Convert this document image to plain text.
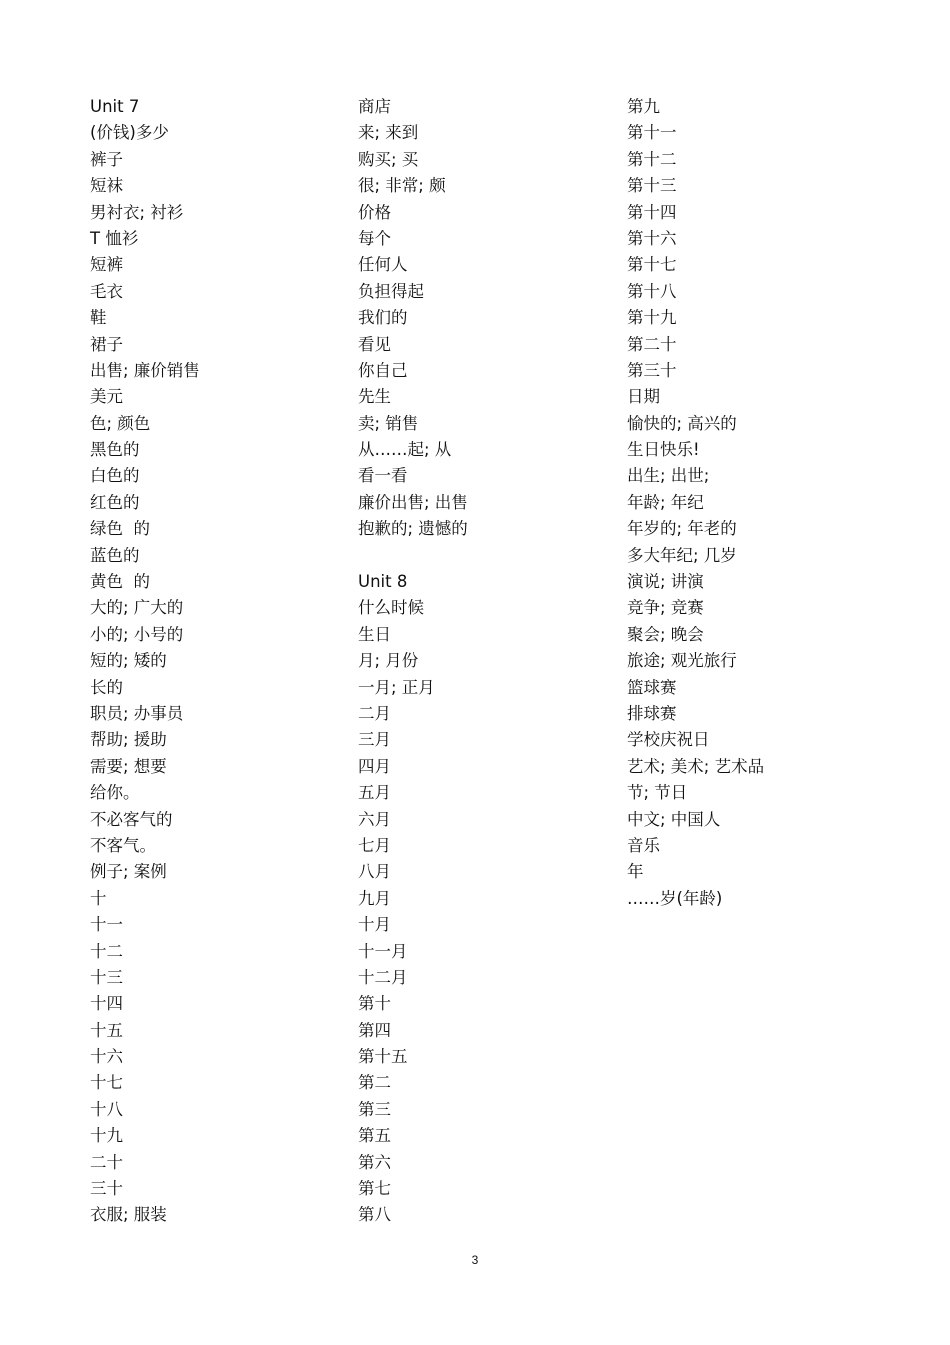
Unit 7
(价钱)多少
裤子
短袜
男衬衣; 衬衫
T 恤衫
短裤
毛衣
鞋
裙子
出售; 廉价销售
美元
色; 颜色
黑色的
白色的
红色的
绿色  的
蓝色的
黄色  的
大的; 广大的
小的; 小号的
短的; 矮的
长的
职员; 办事员
帮助; 援助
需要; 想要
给你。
不必客气的
不客气。
例子; 案例
十
十一
十二
十三
十四
十五
十六
十七
十八
十九
二十
三十
衣服; 服装
商店
来; 来到
购买; 买
很; 非常; 颇
价格
每个
任何人
负担得起
我们的
看见
你自己
先生
卖; 销售
从……起; 从
看一看
廉价出售; 出售
抱歉的; 遗憾的
Unit 8
什么时候
生日
月; 月份
一月; 正月
二月
三月
四月
五月
六月
七月
八月
九月
十月
十一月
十二月
第十
第四
第十五
第二
第三
第五
第六
第七
第八
第九
第十一
第十二
第十三
第十四
第十六
第十七
第十八
第十九
第二十
第三十
日期
愉快的; 高兴的
生日快乐!
出生; 出世;
年龄; 年纪
年岁的; 年老的
多大年纪; 几岁
演说; 讲演
竞争; 竞赛
聚会; 晚会
旅途; 观光旅行
篮球赛
排球赛
学校庆祝日
艺术; 美术; 艺术品
节; 节日
中文; 中国人
音乐
年
……岁(年龄)
3
